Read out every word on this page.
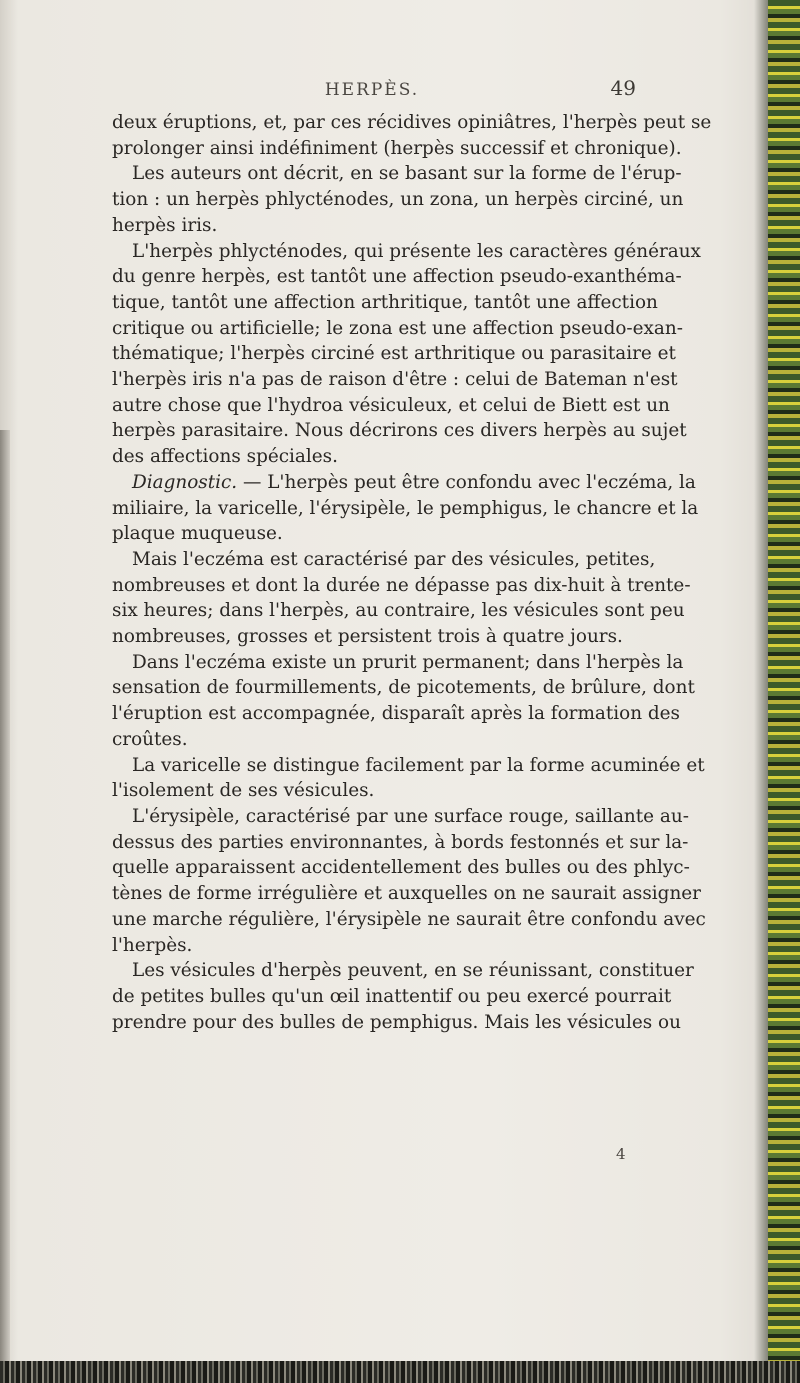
HERPÈS.	49
deux éruptions, et, par ces récidives opiniâtres, l'herpès peut se
prolonger ainsi indéfiniment (herpès successif et chronique).
Les auteurs ont décrit, en se basant sur la forme de l'érup-
tion : un herpès phlycténodes, un zona, un herpès circiné, un
herpès iris.
L'herpès phlycténodes, qui présente les caractères généraux
du genre herpès, est tantôt une affection pseudo-exanthéma-
tique, tantôt une affection arthritique, tantôt une affection
critique ou artificielle; le zona est une affection pseudo-exan-
thématique; l'herpès circiné est arthritique ou parasitaire et
l'herpès iris n'a pas de raison d'être : celui de Bateman n'est
autre chose que l'hydroa vésiculeux, et celui de Biett est un
herpès parasitaire. Nous décrirons ces divers herpès au sujet
des affections spéciales.
Diagnostic. — L'herpès peut être confondu avec l'eczéma, la
miliaire, la varicelle, l'érysipèle, le pemphigus, le chancre et la
plaque muqueuse.
Mais l'eczéma est caractérisé par des vésicules, petites,
nombreuses et dont la durée ne dépasse pas dix-huit à trente-
six heures; dans l'herpès, au contraire, les vésicules sont peu
nombreuses, grosses et persistent trois à quatre jours.
Dans l'eczéma existe un prurit permanent; dans l'herpès la
sensation de fourmillements, de picotements, de brûlure, dont
l'éruption est accompagnée, disparaît après la formation des
croûtes.
La varicelle se distingue facilement par la forme acuminée et
l'isolement de ses vésicules.
L'érysipèle, caractérisé par une surface rouge, saillante au-
dessus des parties environnantes, à bords festonnés et sur la-
quelle apparaissent accidentellement des bulles ou des phlyc-
tènes de forme irrégulière et auxquelles on ne saurait assigner
une marche régulière, l'érysipèle ne saurait être confondu avec
l'herpès.
Les vésicules d'herpès peuvent, en se réunissant, constituer
de petites bulles qu'un œil inattentif ou peu exercé pourrait
prendre pour des bulles de pemphigus. Mais les vésicules ou
4
